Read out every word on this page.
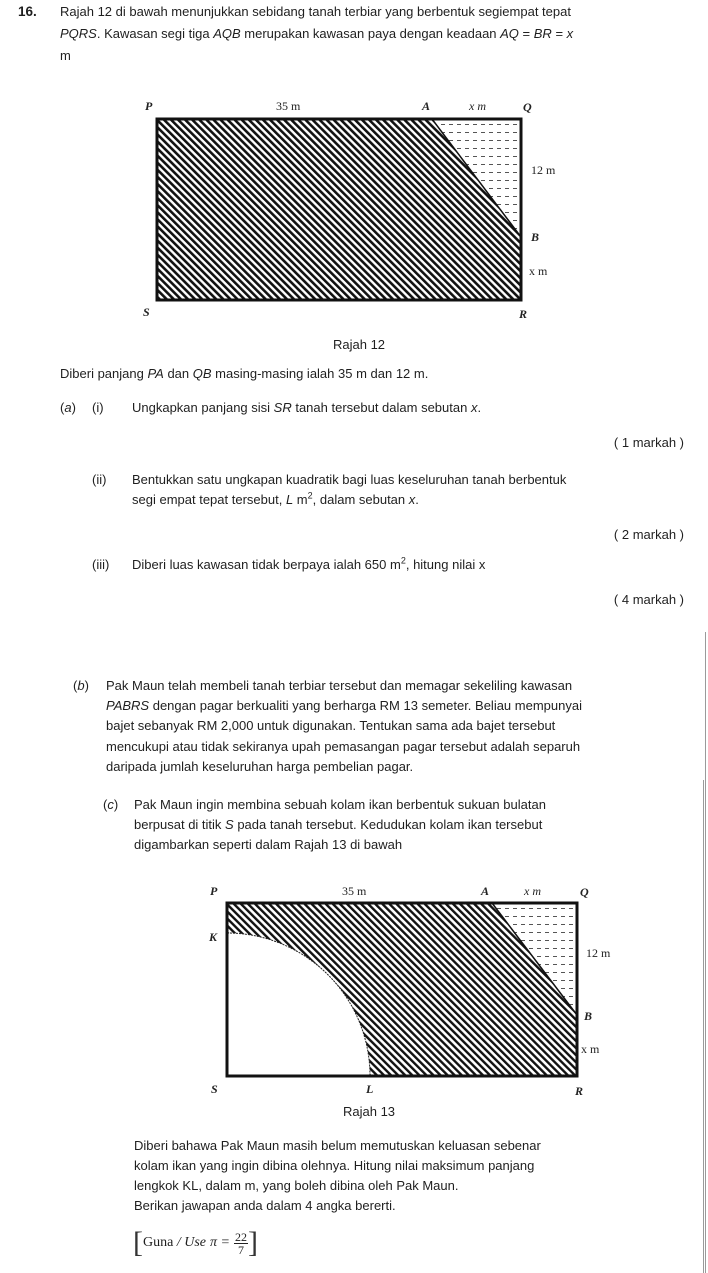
16. Rajah 12 di bawah menunjukkan sebidang tanah terbiar yang berbentuk segiempat tepat
PQRS. Kawasan segi tiga AQB merupakan kawasan paya dengan keadaan AQ = BR = x
m
P	35 m	A	x m	Q
12 m
B
x m
S	R
Rajah 12
Diberi panjang PA dan QB masing-masing ialah 35 m dan 12 m.
(a) (i) Ungkapkan panjang sisi SR tanah tersebut dalam sebutan x.
( 1 markah )
(ii) Bentukkan satu ungkapan kuadratik bagi luas keseluruhan tanah berbentuk
segi empat tepat tersebut, L $m^2$, dalam sebutan x.
( 2 markah )
(iii) Diberi luas kawasan tidak berpaya ialah 650 $m^2$, hitung nilai x
( 4 markah )
(b) Pak Maun telah membeli tanah terbiar tersebut dan memagar sekeliling kawasan
PABRS dengan pagar berkualiti yang berharga RM 13 semeter. Beliau mempunyai
bajet sebanyak RM 2,000 untuk digunakan. Tentukan sama ada bajet tersebut
mencukupi atau tidak sekiranya upah pemasangan pagar tersebut adalah separuh
daripada jumlah keseluruhan harga pembelian pagar.
(c) Pak Maun ingin membina sebuah kolam ikan berbentuk sukuan bulatan
berpusat di titik S pada tanah tersebut. Kedudukan kolam ikan tersebut
digambarkan seperti dalam Rajah 13 di bawah
P	35 m	A	x m	Q
K
12 m
B
x m
S	L	R
Rajah 13
Diberi bahawa Pak Maun masih belum memutuskan keluasan sebenar
kolam ikan yang ingin dibina olehnya. Hitung nilai maksimum panjang
lengkok KL, dalam m, yang boleh dibina oleh Pak Maun.
Berikan jawapan anda dalam 4 angka bererti.
[ Guna / Use $\pi = \frac{22}{7}$ ]
